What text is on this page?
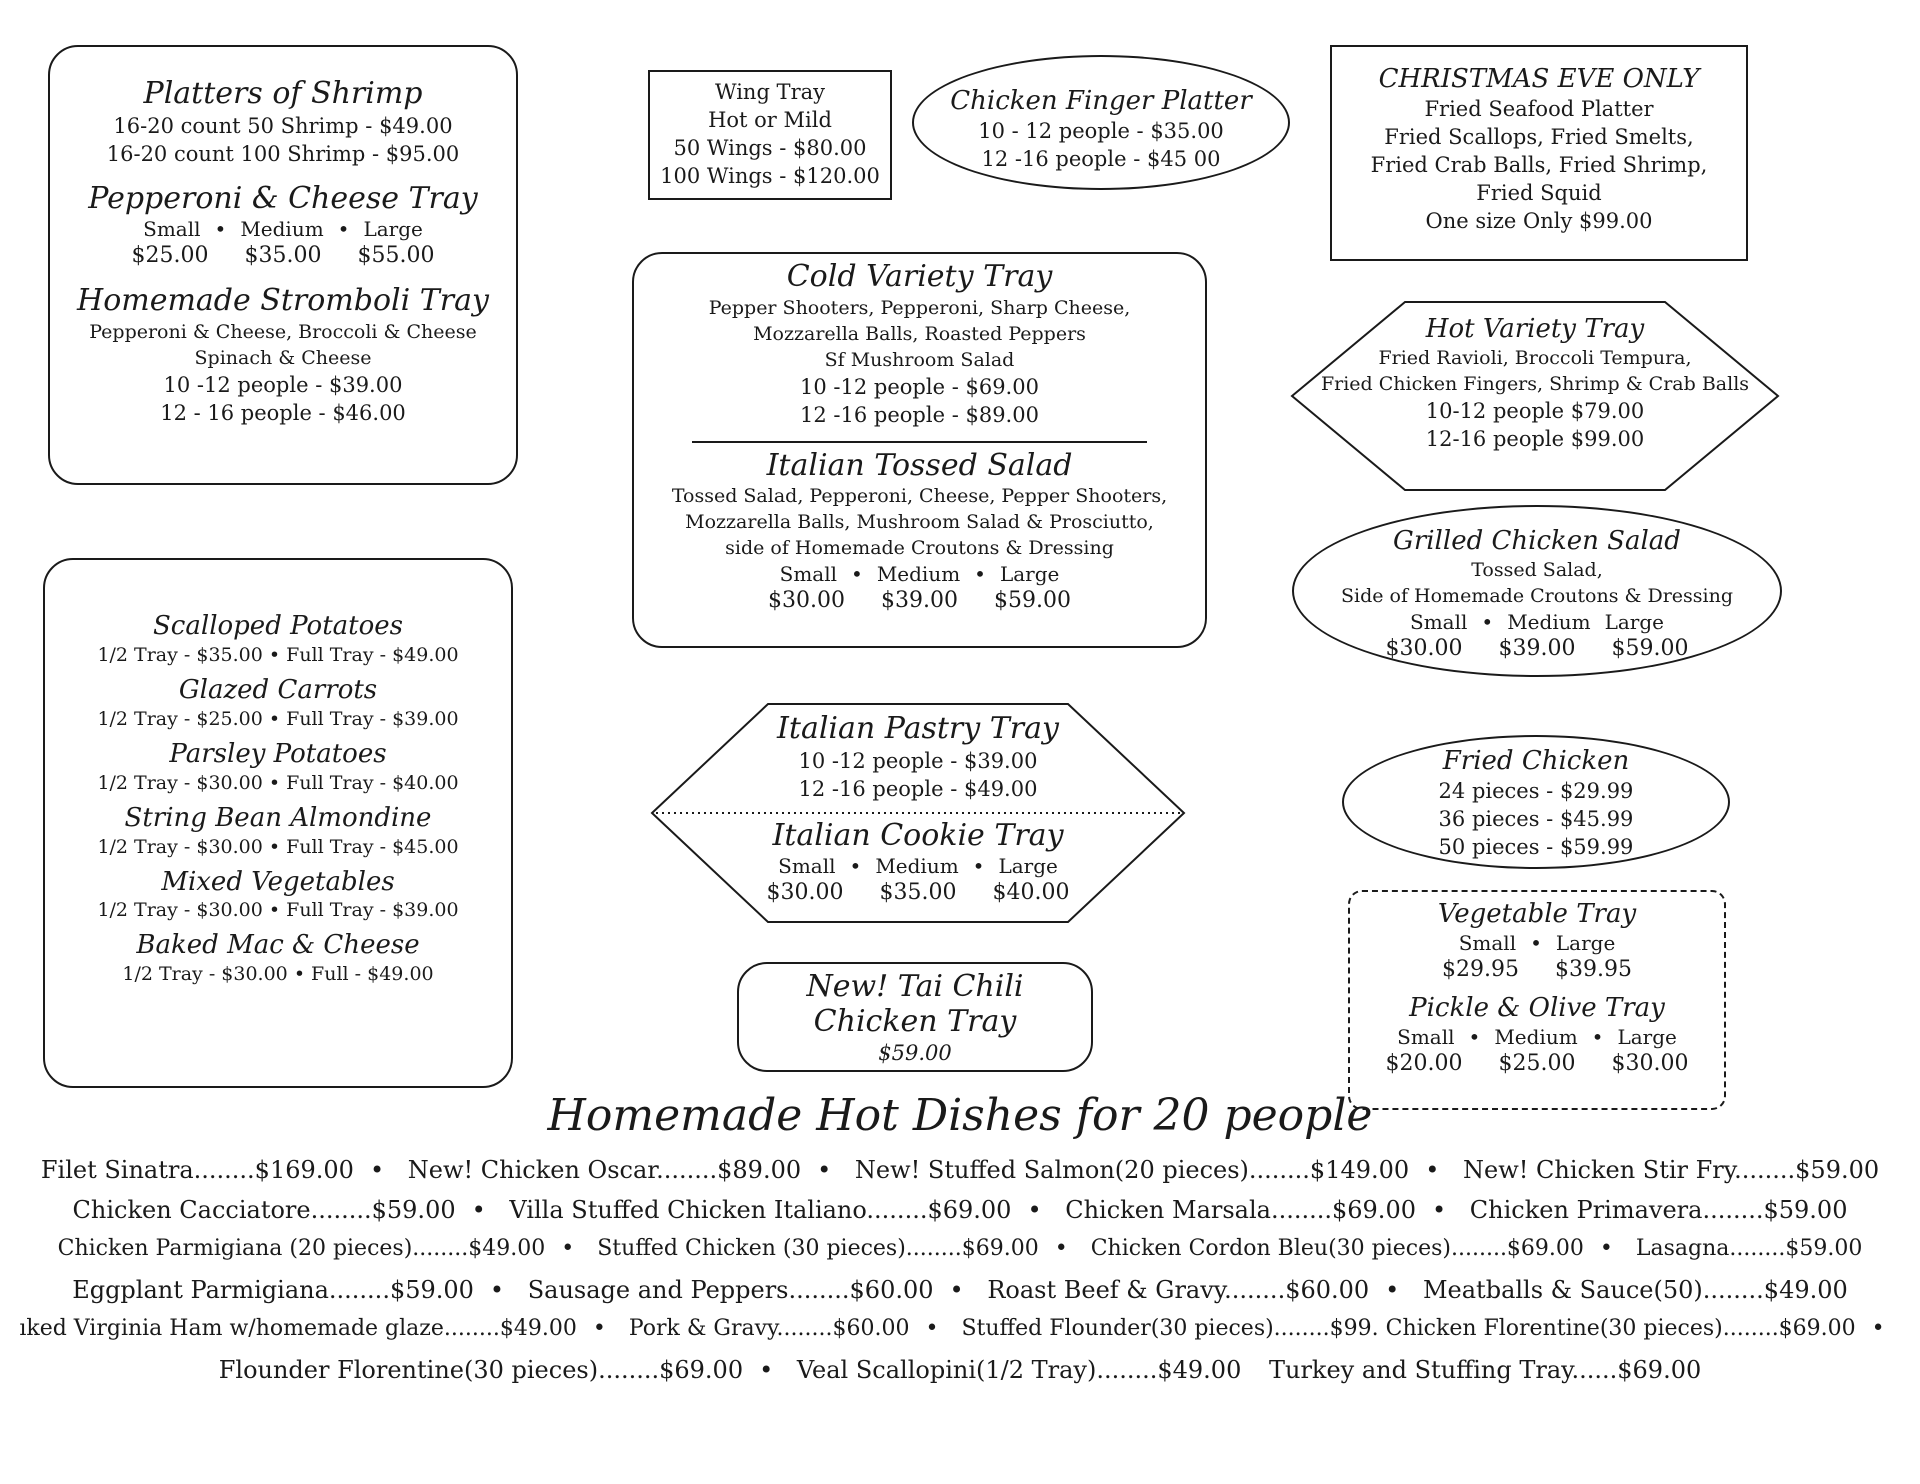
Platters of Shrimp
16-20 count 50 Shrimp - $49.00
16-20 count 100 Shrimp - $95.00
Pepperoni & Cheese Tray
Small • Medium • Large
$25.00 $35.00 $55.00
Homemade Stromboli Tray
Pepperoni & Cheese, Broccoli & Cheese
Spinach & Cheese
10 -12 people - $39.00
12 - 16 people - $46.00
Wing Tray
Hot or Mild
50 Wings - $80.00
100 Wings - $120.00
Chicken Finger Platter
10 - 12 people - $35.00
12 -16 people - $45 00
CHRISTMAS EVE ONLY
Fried Seafood Platter
Fried Scallops, Fried Smelts,
Fried Crab Balls, Fried Shrimp,
Fried Squid
One size Only $99.00
Cold Variety Tray
Pepper Shooters, Pepperoni, Sharp Cheese,
Mozzarella Balls, Roasted Peppers
Sf Mushroom Salad
10 -12 people - $69.00
12 -16 people - $89.00
Italian Tossed Salad
Tossed Salad, Pepperoni, Cheese, Pepper Shooters,
Mozzarella Balls, Mushroom Salad & Prosciutto,
side of Homemade Croutons & Dressing
Small • Medium • Large
$30.00 $39.00 $59.00
Hot Variety Tray
Fried Ravioli, Broccoli Tempura,
Fried Chicken Fingers, Shrimp & Crab Balls
10-12 people $79.00
12-16 people $99.00
Grilled Chicken Salad
Tossed Salad,
Side of Homemade Croutons & Dressing
Small • Medium Large
$30.00 $39.00 $59.00
Scalloped Potatoes
1/2 Tray - $35.00 • Full Tray - $49.00
Glazed Carrots
1/2 Tray - $25.00 • Full Tray - $39.00
Parsley Potatoes
1/2 Tray - $30.00 • Full Tray - $40.00
String Bean Almondine
1/2 Tray - $30.00 • Full Tray - $45.00
Mixed Vegetables
1/2 Tray - $30.00 • Full Tray - $39.00
Baked Mac & Cheese
1/2 Tray - $30.00 • Full - $49.00
Italian Pastry Tray
10 -12 people - $39.00
12 -16 people - $49.00
Italian Cookie Tray
Small • Medium • Large
$30.00 $35.00 $40.00
Fried Chicken
24 pieces - $29.99
36 pieces - $45.99
50 pieces - $59.99
New! Tai Chili
Chicken Tray
$59.00
Vegetable Tray
Small • Large
$29.95 $39.95
Pickle & Olive Tray
Small • Medium • Large
$20.00 $25.00 $30.00
Homemade Hot Dishes for 20 people
Filet Sinatra........$169.00 • New! Chicken Oscar........$89.00 • New! Stuffed Salmon(20 pieces)........$149.00 • New! Chicken Stir Fry........$59.00
Chicken Cacciatore........$59.00 • Villa Stuffed Chicken Italiano........$69.00 • Chicken Marsala........$69.00 • Chicken Primavera........$59.00
Chicken Parmigiana (20 pieces)........$49.00 • Stuffed Chicken (30 pieces)........$69.00 • Chicken Cordon Bleu(30 pieces)........$69.00 • Lasagna........$59.00
Eggplant Parmigiana........$59.00 • Sausage and Peppers........$60.00 • Roast Beef & Gravy........$60.00 • Meatballs & Sauce(50)........$49.00
ıked Virginia Ham w/homemade glaze........$49.00 • Pork & Gravy........$60.00 • Stuffed Flounder(30 pieces)........$99. Chicken Florentine(30 pieces)........$69.00 •
Flounder Florentine(30 pieces)........$69.00 • Veal Scallopini(1/2 Tray)........$49.00 Turkey and Stuffing Tray......$69.00
